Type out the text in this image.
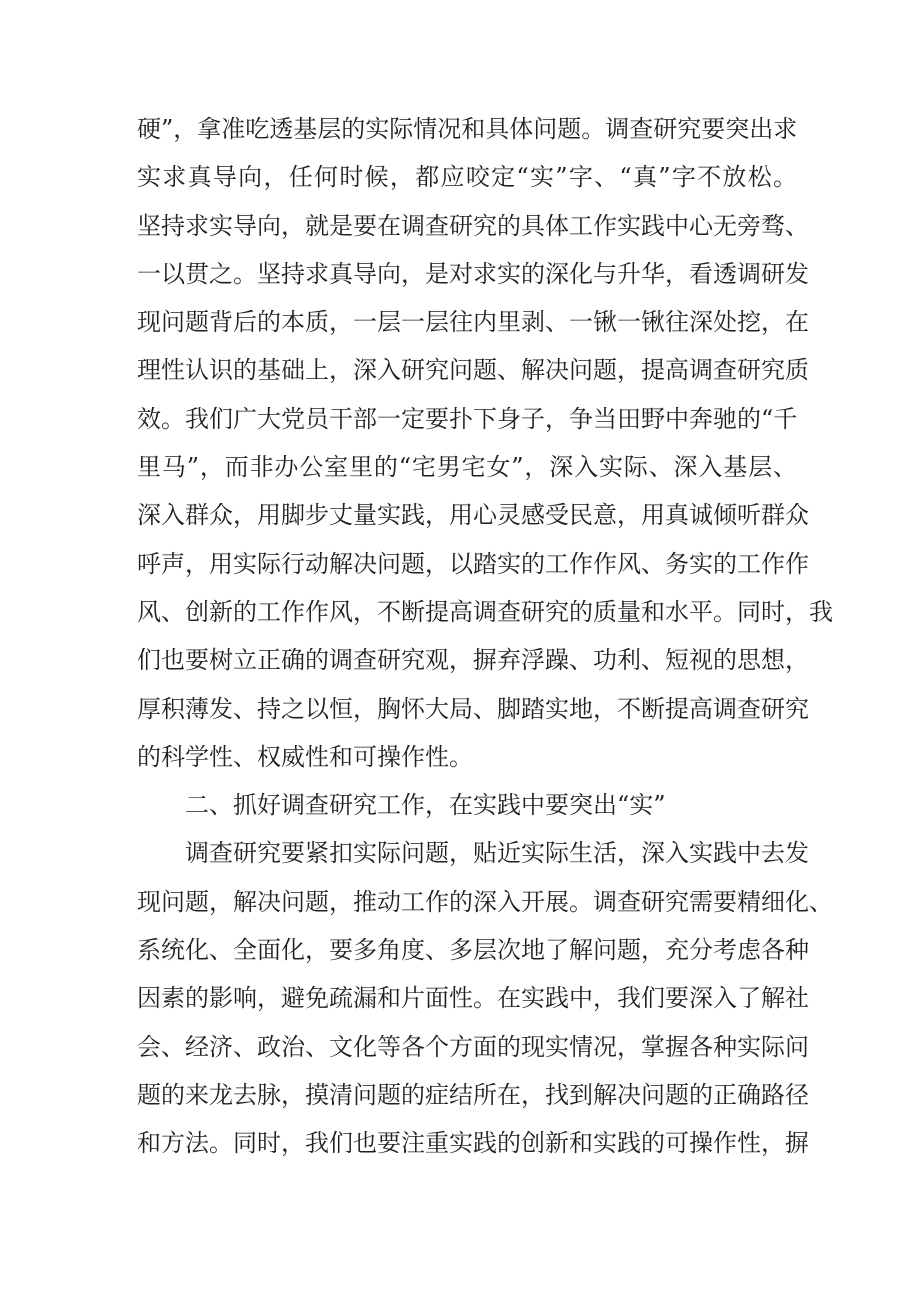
硬”，拿准吃透基层的实际情况和具体问题。调查研究要突出求
实求真导向，任何时候，都应咬定“实”字、“真”字不放松。
坚持求实导向，就是要在调查研究的具体工作实践中心无旁骛、
一以贯之。坚持求真导向，是对求实的深化与升华，看透调研发
现问题背后的本质，一层一层往内里剥、一锹一锹往深处挖，在
理性认识的基础上，深入研究问题、解决问题，提高调查研究质
效。我们广大党员干部一定要扑下身子，争当田野中奔驰的“千
里马”，而非办公室里的“宅男宅女”，深入实际、深入基层、
深入群众，用脚步丈量实践，用心灵感受民意，用真诚倾听群众
呼声，用实际行动解决问题，以踏实的工作作风、务实的工作作
风、创新的工作作风，不断提高调查研究的质量和水平。同时，我
们也要树立正确的调查研究观，摒弃浮躁、功利、短视的思想，
厚积薄发、持之以恒，胸怀大局、脚踏实地，不断提高调查研究
的科学性、权威性和可操作性。
二、抓好调查研究工作，在实践中要突出“实”
调查研究要紧扣实际问题，贴近实际生活，深入实践中去发
现问题，解决问题，推动工作的深入开展。调查研究需要精细化、
系统化、全面化，要多角度、多层次地了解问题，充分考虑各种
因素的影响，避免疏漏和片面性。在实践中，我们要深入了解社
会、经济、政治、文化等各个方面的现实情况，掌握各种实际问
题的来龙去脉，摸清问题的症结所在，找到解决问题的正确路径
和方法。同时，我们也要注重实践的创新和实践的可操作性，摒
